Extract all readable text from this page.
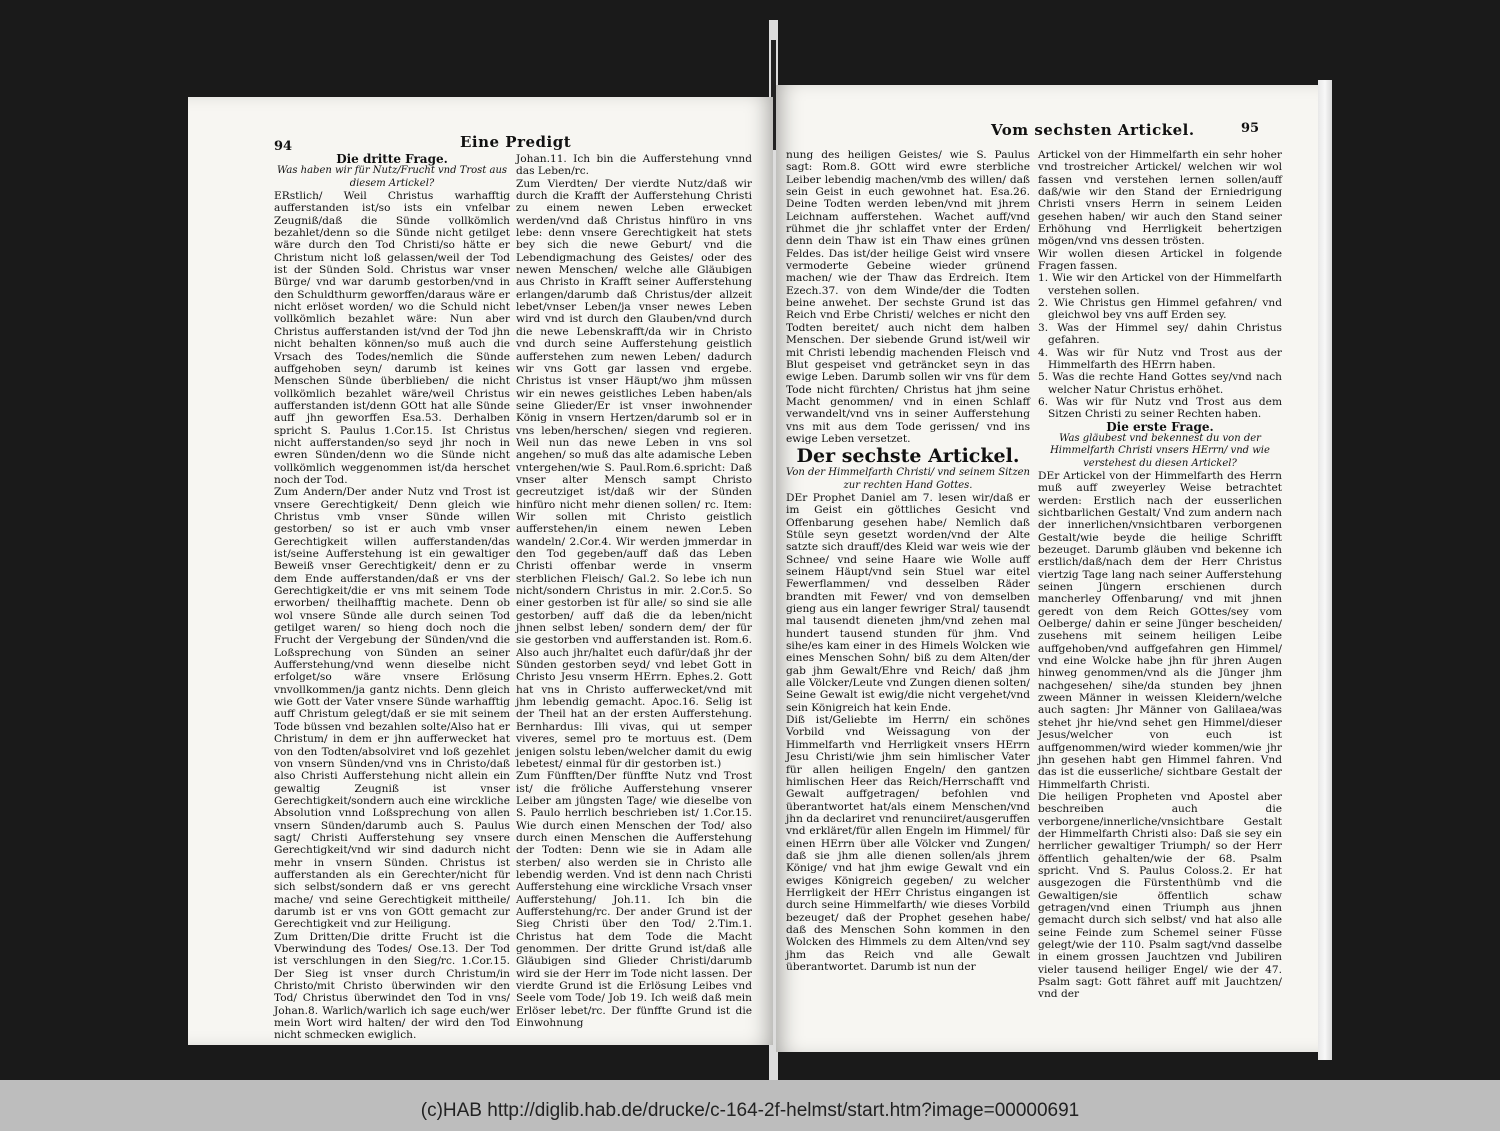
94	Eine Predigt

Die dritte Frage.

Was haben wir für Nutz/Frucht vnd Trost aus diesem Artickel?

ERstlich/ Weil Christus warhafftig aufferstanden ist/so ists ein vnfelbar Zeugniß/daß die Sünde vollkömlich bezahlet/denn so die Sünde nicht getilget wäre durch den Tod Christi/so hätte er Christum nicht loß gelassen/weil der Tod ist der Sünden Sold. Christus war vnser Bürge/ vnd war darumb gestorben/vnd in den Schuldthurm geworffen/daraus wäre er nicht erlöset worden/ wo die Schuld nicht vollkömlich bezahlet wäre: Nun aber Christus aufferstanden ist/vnd der Tod jhn nicht behalten können/so muß auch die Vrsach des Todes/nemlich die Sünde auffgehoben seyn/ darumb ist keines Menschen Sünde überblieben/ die nicht vollkömlich bezahlet wäre/weil Christus aufferstanden ist/denn GOtt hat alle Sünde auff jhn geworffen Esa.53. Derhalben spricht S. Paulus 1.Cor.15. Ist Christus nicht aufferstanden/so seyd jhr noch in ewren Sünden/denn wo die Sünde nicht vollkömlich weggenommen ist/da herschet noch der Tod.

Zum Andern/Der ander Nutz vnd Trost ist vnsere Gerechtigkeit/ Denn gleich wie Christus vmb vnser Sünde willen gestorben/ so ist er auch vmb vnser Gerechtigkeit willen aufferstanden/das ist/seine Aufferstehung ist ein gewaltiger Beweiß vnser Gerechtigkeit/ denn er zu dem Ende aufferstanden/daß er vns der Gerechtigkeit/die er vns mit seinem Tode erworben/ theilhafftig machete. Denn ob wol vnsere Sünde alle durch seinen Tod getilget waren/ so hieng doch noch die Frucht der Vergebung der Sünden/vnd die Loßsprechung von Sünden an seiner Aufferstehung/vnd wenn dieselbe nicht erfolget/so wäre vnsere Erlösung vnvollkommen/ja gantz nichts. Denn gleich wie Gott der Vater vnsere Sünde warhafftig auff Christum gelegt/daß er sie mit seinem Tode büssen vnd bezahlen solte/Also hat er Christum/ in dem er jhn aufferwecket hat von den Todten/absolviret vnd loß gezehlet von vnsern Sünden/vnd vns in Christo/daß also Christi Aufferstehung nicht allein ein gewaltig Zeugniß ist vnser Gerechtigkeit/sondern auch eine wirckliche Absolution vnnd Loßsprechung von allen vnsern Sünden/darumb auch S. Paulus sagt/ Christi Aufferstehung sey vnsere Gerechtigkeit/vnd wir sind dadurch nicht mehr in vnsern Sünden. Christus ist aufferstanden als ein Gerechter/nicht für sich selbst/sondern daß er vns gerecht mache/ vnd seine Gerechtigkeit mittheile/ darumb ist er vns von GOtt gemacht zur Gerechtigkeit vnd zur Heiligung.

Zum Dritten/Die dritte Frucht ist die Vberwindung des Todes/ Ose.13. Der Tod ist verschlungen in den Sieg/rc. 1.Cor.15. Der Sieg ist vnser durch Christum/in Christo/mit Christo überwinden wir den Tod/ Christus überwindet den Tod in vns/ Johan.8. Warlich/warlich ich sage euch/wer mein Wort wird halten/ der wird den Tod nicht schmecken ewiglich.

Johan.11. Ich bin die Aufferstehung vnnd das Leben/rc.

Zum Vierdten/ Der vierdte Nutz/daß wir durch die Krafft der Aufferstehung Christi zu einem newen Leben erwecket werden/vnd daß Christus hinfüro in vns lebe: denn vnsere Gerechtigkeit hat stets bey sich die newe Geburt/ vnd die Lebendigmachung des Geistes/ oder des newen Menschen/ welche alle Gläubigen aus Christo in Krafft seiner Aufferstehung erlangen/darumb daß Christus/der allzeit lebet/vnser Leben/ja vnser newes Leben wird vnd ist durch den Glauben/vnd durch die newe Lebenskrafft/da wir in Christo vnd durch seine Aufferstehung geistlich aufferstehen zum newen Leben/ dadurch wir vns Gott gar lassen vnd ergebe. Christus ist vnser Häupt/wo jhm müssen wir ein newes geistliches Leben haben/als seine Glieder/Er ist vnser inwohnender König in vnsern Hertzen/darumb sol er in vns leben/herschen/ siegen vnd regieren. Weil nun das newe Leben in vns sol angehen/ so muß das alte adamische Leben vntergehen/wie S. Paul.Rom.6.spricht: Daß vnser alter Mensch sampt Christo gecreutziget ist/daß wir der Sünden hinfüro nicht mehr dienen sollen/ rc. Item: Wir sollen mit Christo geistlich aufferstehen/in einem newen Leben wandeln/ 2.Cor.4. Wir werden jmmerdar in den Tod gegeben/auff daß das Leben Christi offenbar werde in vnserm sterblichen Fleisch/ Gal.2. So lebe ich nun nicht/sondern Christus in mir. 2.Cor.5. So einer gestorben ist für alle/ so sind sie alle gestorben/ auff daß die da leben/nicht jhnen selbst leben/ sondern dem/ der für sie gestorben vnd aufferstanden ist. Rom.6. Also auch jhr/haltet euch dafür/daß jhr der Sünden gestorben seyd/ vnd lebet Gott in Christo Jesu vnserm HErrn. Ephes.2. Gott hat vns in Christo aufferwecket/vnd mit jhm lebendig gemacht. Apoc.16. Selig ist der Theil hat an der ersten Aufferstehung. Bernhardus: Illi vivas, qui ut semper viveres, semel pro te mortuus est. (Dem jenigen solstu leben/welcher damit du ewig lebetest/ einmal für dir gestorben ist.)

Zum Fünfften/Der fünffte Nutz vnd Trost ist/ die fröliche Aufferstehung vnserer Leiber am jüngsten Tage/ wie dieselbe von S. Paulo herrlich beschrieben ist/ 1.Cor.15. Wie durch einen Menschen der Tod/ also durch einen Menschen die Aufferstehung der Todten: Denn wie sie in Adam alle sterben/ also werden sie in Christo alle lebendig werden. Vnd ist denn nach Christi Aufferstehung eine wirckliche Vrsach vnser Aufferstehung/ Joh.11. Ich bin die Aufferstehung/rc. Der ander Grund ist der Sieg Christi über den Tod/ 2.Tim.1. Christus hat dem Tode die Macht genommen. Der dritte Grund ist/daß alle Gläubigen sind Glieder Christi/darumb wird sie der Herr im Tode nicht lassen. Der vierdte Grund ist die Erlösung Leibes vnd Seele vom Tode/ Job 19. Ich weiß daß mein Erlöser lebet/rc. Der fünffte Grund ist die Einwohnung

Vom sechsten Artickel.	95

nung des heiligen Geistes/ wie S. Paulus sagt: Rom.8. GOtt wird ewre sterbliche Leiber lebendig machen/vmb des willen/ daß sein Geist in euch gewohnet hat. Esa.26. Deine Todten werden leben/vnd mit jhrem Leichnam aufferstehen. Wachet auff/vnd rühmet die jhr schlaffet vnter der Erden/ denn dein Thaw ist ein Thaw eines grünen Feldes. Das ist/der heilige Geist wird vnsere vermoderte Gebeine wieder grünend machen/ wie der Thaw das Erdreich. Item Ezech.37. von dem Winde/der die Todten beine anwehet. Der sechste Grund ist das Reich vnd Erbe Christi/ welches er nicht den Todten bereitet/ auch nicht dem halben Menschen. Der siebende Grund ist/weil wir mit Christi lebendig machenden Fleisch vnd Blut gespeiset vnd geträncket seyn in das ewige Leben. Darumb sollen wir vns für dem Tode nicht fürchten/ Christus hat jhm seine Macht genommen/ vnd in einen Schlaff verwandelt/vnd vns in seiner Aufferstehung vns mit aus dem Tode gerissen/ vnd ins ewige Leben versetzet.

Der sechste Artickel.

Von der Himmelfarth Christi/ vnd seinem Sitzen zur rechten Hand Gottes.

DEr Prophet Daniel am 7. lesen wir/daß er im Geist ein göttliches Gesicht vnd Offenbarung gesehen habe/ Nemlich daß Stüle seyn gesetzt worden/vnd der Alte satzte sich drauff/des Kleid war weis wie der Schnee/ vnd seine Haare wie Wolle auff seinem Häupt/vnd sein Stuel war eitel Fewerflammen/ vnd desselben Räder brandten mit Fewer/ vnd von demselben gieng aus ein langer fewriger Stral/ tausendt mal tausendt dieneten jhm/vnd zehen mal hundert tausend stunden für jhm. Vnd sihe/es kam einer in des Himels Wolcken wie eines Menschen Sohn/ biß zu dem Alten/der gab jhm Gewalt/Ehre vnd Reich/ daß jhm alle Völcker/Leute vnd Zungen dienen solten/ Seine Gewalt ist ewig/die nicht vergehet/vnd sein Königreich hat kein Ende.

Diß ist/Geliebte im Herrn/ ein schönes Vorbild vnd Weissagung von der Himmelfarth vnd Herrligkeit vnsers HErrn Jesu Christi/wie jhm sein himlischer Vater für allen heiligen Engeln/ den gantzen himlischen Heer das Reich/Herrschafft vnd Gewalt auffgetragen/ befohlen vnd überantwortet hat/als einem Menschen/vnd jhn da declariret vnd renunciiret/ausgeruffen vnd erkläret/für allen Engeln im Himmel/ für einen HErrn über alle Völcker vnd Zungen/ daß sie jhm alle dienen sollen/als jhrem Könige/ vnd hat jhm ewige Gewalt vnd ein ewiges Königreich gegeben/ zu welcher Herrligkeit der HErr Christus eingangen ist durch seine Himmelfarth/ wie dieses Vorbild bezeuget/ daß der Prophet gesehen habe/ daß des Menschen Sohn kommen in den Wolcken des Himmels zu dem Alten/vnd sey jhm das Reich vnd alle Gewalt überantwortet. Darumb ist nun der

Artickel von der Himmelfarth ein sehr hoher vnd trostreicher Artickel/ welchen wir wol fassen vnd verstehen lernen sollen/auff daß/wie wir den Stand der Erniedrigung Christi vnsers Herrn in seinem Leiden gesehen haben/ wir auch den Stand seiner Erhöhung vnd Herrligkeit behertzigen mögen/vnd vns dessen trösten.

Wir wollen diesen Artickel in folgende Fragen fassen.

1. Wie wir den Artickel von der Himmelfarth verstehen sollen.

2. Wie Christus gen Himmel gefahren/ vnd gleichwol bey vns auff Erden sey.

3. Was der Himmel sey/ dahin Christus gefahren.

4. Was wir für Nutz vnd Trost aus der Himmelfarth des HErrn haben.

5. Was die rechte Hand Gottes sey/vnd nach welcher Natur Christus erhöhet.

6. Was wir für Nutz vnd Trost aus dem Sitzen Christi zu seiner Rechten haben.

Die erste Frage.

Was gläubest vnd bekennest du von der Himmelfarth Christi vnsers HErrn/ vnd wie verstehest du diesen Artickel?

DEr Artickel von der Himmelfarth des Herrn muß auff zweyerley Weise betrachtet werden: Erstlich nach der eusserlichen sichtbarlichen Gestalt/ Vnd zum andern nach der innerlichen/vnsichtbaren verborgenen Gestalt/wie beyde die heilige Schrifft bezeuget. Darumb gläuben vnd bekenne ich erstlich/daß/nach dem der Herr Christus viertzig Tage lang nach seiner Aufferstehung seinen Jüngern erschienen durch mancherley Offenbarung/ vnd mit jhnen geredt von dem Reich GOttes/sey vom Oelberge/ dahin er seine Jünger bescheiden/ zusehens mit seinem heiligen Leibe auffgehoben/vnd auffgefahren gen Himmel/ vnd eine Wolcke habe jhn für jhren Augen hinweg genommen/vnd als die Jünger jhm nachgesehen/ sihe/da stunden bey jhnen zween Männer in weissen Kleidern/welche auch sagten: Jhr Männer von Galilaea/was stehet jhr hie/vnd sehet gen Himmel/dieser Jesus/welcher von euch ist auffgenommen/wird wieder kommen/wie jhr jhn gesehen habt gen Himmel fahren. Vnd das ist die eusserliche/ sichtbare Gestalt der Himmelfarth Christi.

Die heiligen Propheten vnd Apostel aber beschreiben auch die verborgene/innerliche/vnsichtbare Gestalt der Himmelfarth Christi also: Daß sie sey ein herrlicher gewaltiger Triumph/ so der Herr öffentlich gehalten/wie der 68. Psalm spricht. Vnd S. Paulus Coloss.2. Er hat ausgezogen die Fürstenthümb vnd die Gewaltigen/sie öffentlich schaw getragen/vnd einen Triumph aus jhnen gemacht durch sich selbst/ vnd hat also alle seine Feinde zum Schemel seiner Füsse gelegt/wie der 110. Psalm sagt/vnd dasselbe in einem grossen Jauchtzen vnd Jubiliren vieler tausend heiliger Engel/ wie der 47. Psalm sagt: Gott fähret auff mit Jauchtzen/ vnd der

(c)HAB http://diglib.hab.de/drucke/c-164-2f-helmst/start.htm?image=00000691
